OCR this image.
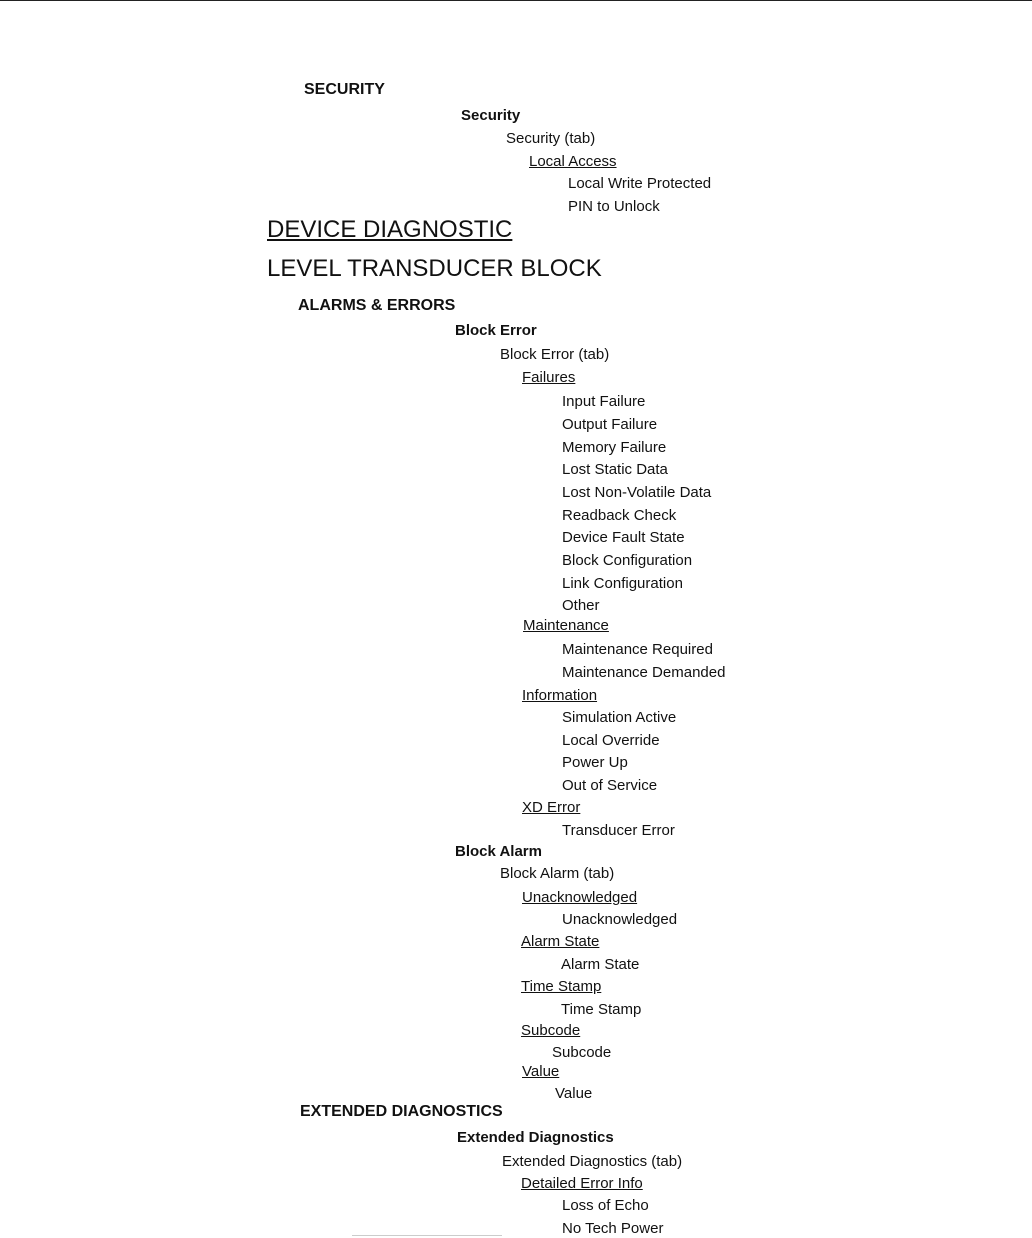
SECURITY
Security
Security (tab)
Local Access
Local Write Protected
PIN to Unlock
DEVICE DIAGNOSTIC
LEVEL TRANSDUCER BLOCK
ALARMS & ERRORS
Block Error
Block Error (tab)
Failures
Input Failure
Output Failure
Memory Failure
Lost Static Data
Lost Non-Volatile Data
Readback Check
Device Fault State
Block Configuration
Link Configuration
Other
Maintenance
Maintenance Required
Maintenance Demanded
Information
Simulation Active
Local Override
Power Up
Out of Service
XD Error
Transducer Error
Block Alarm
Block Alarm (tab)
Unacknowledged
Unacknowledged
Alarm State
Alarm State
Time Stamp
Time Stamp
Subcode
Subcode
Value
Value
EXTENDED DIAGNOSTICS
Extended Diagnostics
Extended Diagnostics (tab)
Detailed Error Info
Loss of Echo
No Tech Power
